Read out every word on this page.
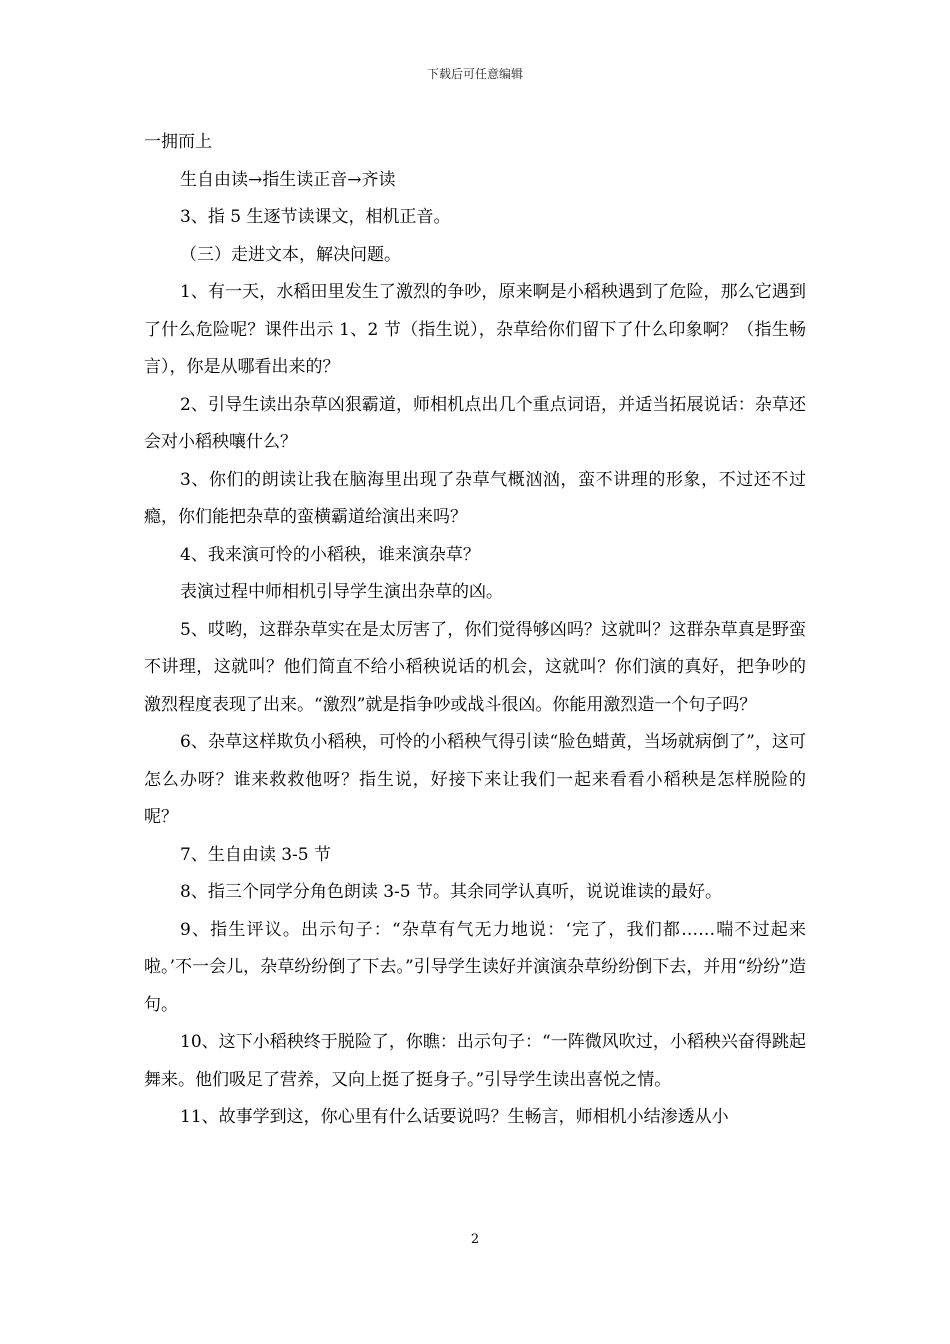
下载后可任意编辑

一拥而上

生自由读→指生读正音→齐读

3、指 5 生逐节读课文，相机正音。

（三）走进文本，解决问题。

1、有一天，水稻田里发生了激烈的争吵，原来啊是小稻秧遇到了危险，那么它遇到了什么危险呢？课件出示 1、2 节（指生说），杂草给你们留下了什么印象啊？（指生畅言），你是从哪看出来的？

2、引导生读出杂草凶狠霸道，师相机点出几个重点词语，并适当拓展说话：杂草还会对小稻秧嚷什么？

3、你们的朗读让我在脑海里出现了杂草气概汹汹，蛮不讲理的形象，不过还不过瘾，你们能把杂草的蛮横霸道给演出来吗？

4、我来演可怜的小稻秧，谁来演杂草？

表演过程中师相机引导学生演出杂草的凶。

5、哎哟，这群杂草实在是太厉害了，你们觉得够凶吗？这就叫？这群杂草真是野蛮不讲理，这就叫？他们简直不给小稻秧说话的机会，这就叫？你们演的真好，把争吵的激烈程度表现了出来。“激烈”就是指争吵或战斗很凶。你能用激烈造一个句子吗？

6、杂草这样欺负小稻秧，可怜的小稻秧气得引读“脸色蜡黄，当场就病倒了”，这可怎么办呀？谁来救救他呀？指生说，好接下来让我们一起来看看小稻秧是怎样脱险的呢？

7、生自由读 3-5 节

8、指三个同学分角色朗读 3-5 节。其余同学认真听，说说谁读的最好。

9、指生评议。出示句子：“杂草有气无力地说：‘完了，我们都……喘不过起来啦。’不一会儿，杂草纷纷倒了下去。”引导学生读好并演演杂草纷纷倒下去，并用“纷纷”造句。

10、这下小稻秧终于脱险了，你瞧：出示句子：“一阵微风吹过，小稻秧兴奋得跳起舞来。他们吸足了营养，又向上挺了挺身子。”引导学生读出喜悦之情。

11、故事学到这，你心里有什么话要说吗？生畅言，师相机小结渗透从小

2
